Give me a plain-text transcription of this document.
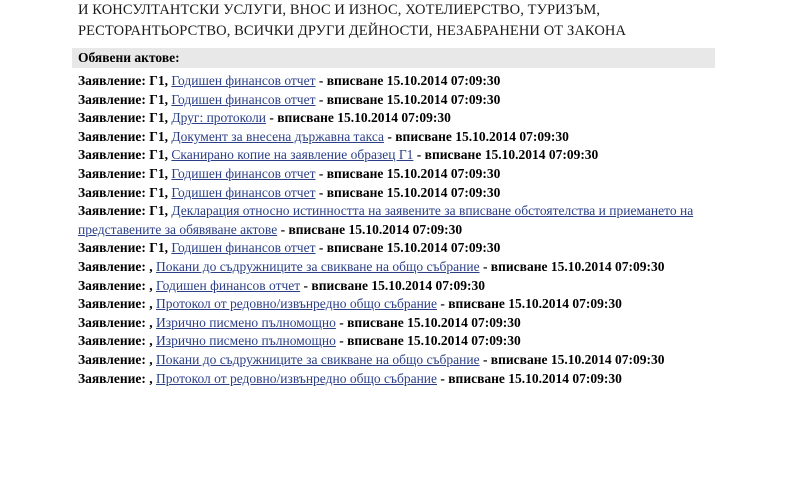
И КОНСУЛТАНТСКИ УСЛУГИ, ВНОС И ИЗНОС, ХОТЕЛИЕРСТВО, ТУРИЗЪМ,
РЕСТОРАНТЬОРСТВО, ВСИЧКИ ДРУГИ ДЕЙНОСТИ, НЕЗАБРАНЕНИ ОТ ЗАКОНА
Обявени актове:
Заявление: Г1, Годишен финансов отчет - вписване 15.10.2014 07:09:30
Заявление: Г1, Годишен финансов отчет - вписване 15.10.2014 07:09:30
Заявление: Г1, Друг: протоколи - вписване 15.10.2014 07:09:30
Заявление: Г1, Документ за внесена държавна такса - вписване 15.10.2014 07:09:30
Заявление: Г1, Сканирано копие на заявление образец Г1 - вписване 15.10.2014 07:09:30
Заявление: Г1, Годишен финансов отчет - вписване 15.10.2014 07:09:30
Заявление: Г1, Годишен финансов отчет - вписване 15.10.2014 07:09:30
Заявление: Г1, Декларация относно истинността на заявените за вписване обстоятелства и приемането на представените за обявяване актове - вписване 15.10.2014 07:09:30
Заявление: Г1, Годишен финансов отчет - вписване 15.10.2014 07:09:30
Заявление: , Покани до съдружниците за свикване на общо събрание - вписване 15.10.2014 07:09:30
Заявление: , Годишен финансов отчет - вписване 15.10.2014 07:09:30
Заявление: , Протокол от редовно/извънредно общо събрание - вписване 15.10.2014 07:09:30
Заявление: , Изрично писмено пълномощно - вписване 15.10.2014 07:09:30
Заявление: , Изрично писмено пълномощно - вписване 15.10.2014 07:09:30
Заявление: , Покани до съдружниците за свикване на общо събрание - вписване 15.10.2014 07:09:30
Заявление: , Протокол от редовно/извънредно общо събрание - вписване 15.10.2014 07:09:30
